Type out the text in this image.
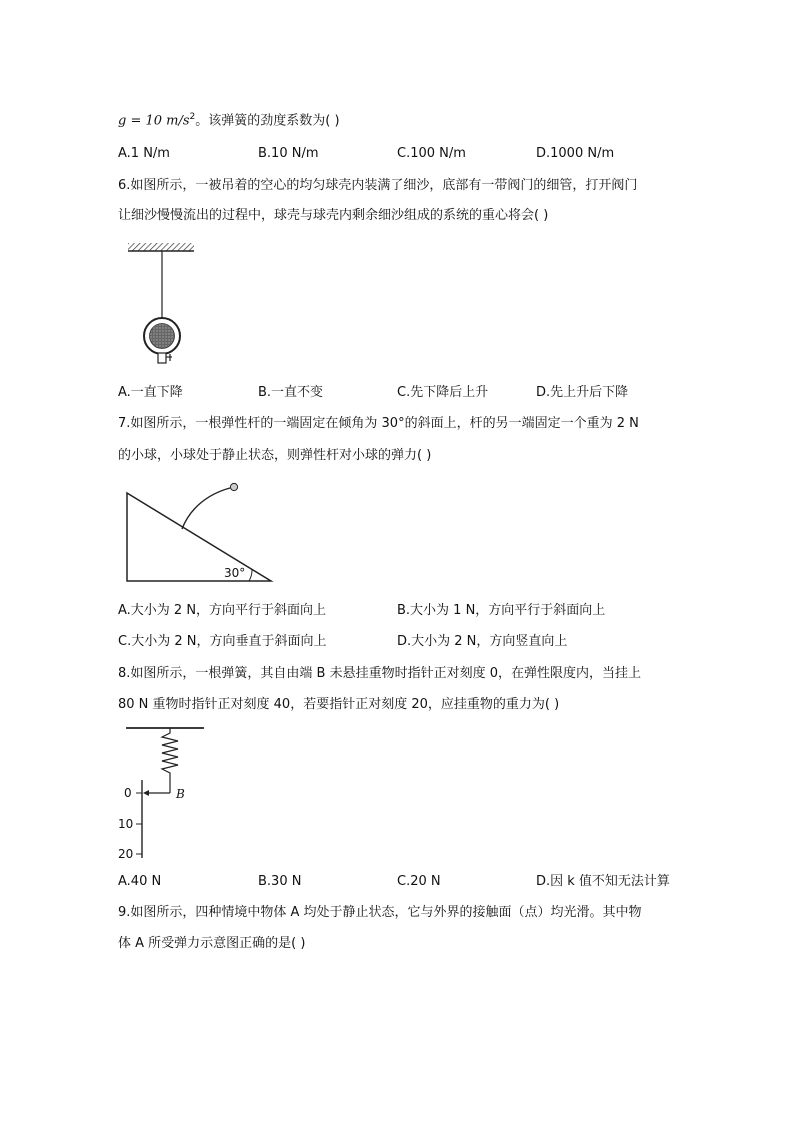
g = 10 $m/s^2$。该弹簧的劲度系数为( )
A.1 N/m	B.10 N/m	C.100 N/m	D.1000 N/m
6.如图所示，一被吊着的空心的均匀球壳内装满了细沙，底部有一带阀门的细管，打开阀门
让细沙慢慢流出的过程中，球壳与球壳内剩余细沙组成的系统的重心将会( )
A.一直下降	B.一直不变	C.先下降后上升	D.先上升后下降
7.如图所示，一根弹性杆的一端固定在倾角为 30°的斜面上，杆的另一端固定一个重为 2 N
的小球，小球处于静止状态，则弹性杆对小球的弹力( )
30°
A.大小为 2 N，方向平行于斜面向上	B.大小为 1 N，方向平行于斜面向上
C.大小为 2 N，方向垂直于斜面向上	D.大小为 2 N，方向竖直向上
8.如图所示，一根弹簧，其自由端 B 未悬挂重物时指针正对刻度 0，在弹性限度内，当挂上
80 N 重物时指针正对刻度 40，若要指针正对刻度 20，应挂重物的重力为( )
0
10
20
B
A.40 N	B.30 N	C.20 N	D.因 k 值不知无法计算
9.如图所示，四种情境中物体 A 均处于静止状态，它与外界的接触面（点）均光滑。其中物
体 A 所受弹力示意图正确的是( )
